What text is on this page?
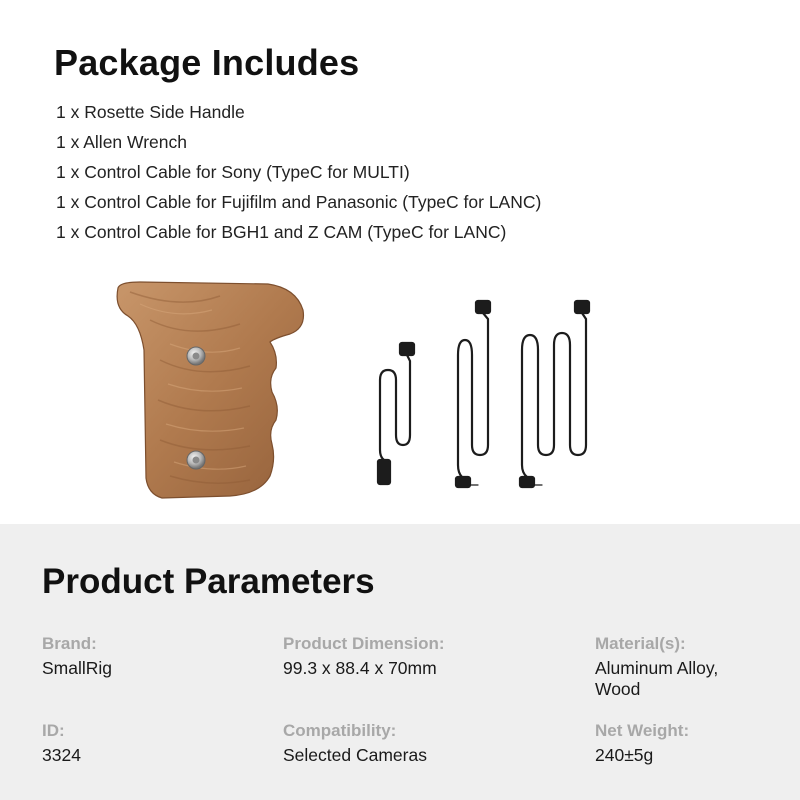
Package Includes
1 x Rosette Side Handle
1 x Allen Wrench
1 x Control Cable for Sony (TypeC for MULTI)
1 x Control Cable for Fujifilm and Panasonic (TypeC for LANC)
1 x Control Cable for BGH1 and Z CAM (TypeC for LANC)
Product Parameters
Brand:
SmallRig
Product Dimension:
99.3 x 88.4 x 70mm
Material(s):
Aluminum Alloy,
Wood
ID:
3324
Compatibility:
Selected Cameras
Net Weight:
240±5g
